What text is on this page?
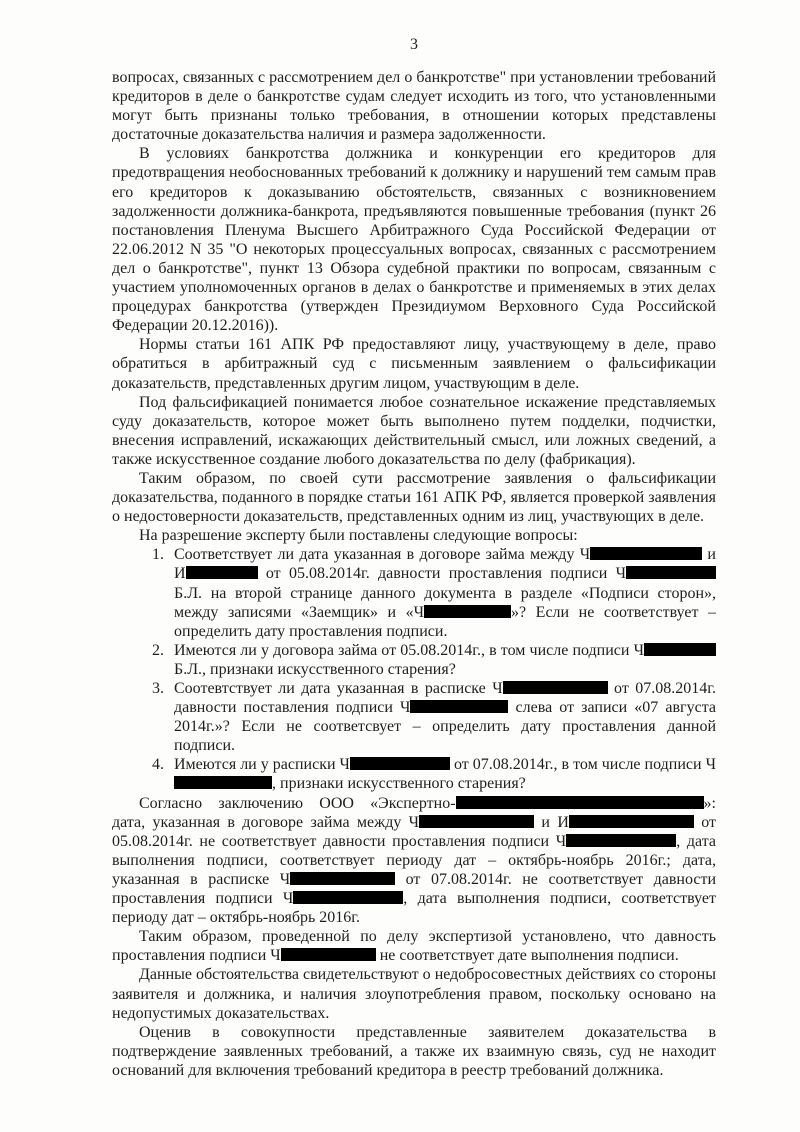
3

вопросах, связанных с рассмотрением дел о банкротстве" при установлении требований кредиторов в деле о банкротстве судам следует исходить из того, что установленными могут быть признаны только требования, в отношении которых представлены достаточные доказательства наличия и размера задолженности.

В условиях банкротства должника и конкуренции его кредиторов для предотвращения необоснованных требований к должнику и нарушений тем самым прав его кредиторов к доказыванию обстоятельств, связанных с возникновением задолженности должника-банкрота, предъявляются повышенные требования (пункт 26 постановления Пленума Высшего Арбитражного Суда Российской Федерации от 22.06.2012 N 35 "О некоторых процессуальных вопросах, связанных с рассмотрением дел о банкротстве", пункт 13 Обзора судебной практики по вопросам, связанным с участием уполномоченных органов в делах о банкротстве и применяемых в этих делах процедурах банкротства (утвержден Президиумом Верховного Суда Российской Федерации 20.12.2016)).

Нормы статьи 161 АПК РФ предоставляют лицу, участвующему в деле, право обратиться в арбитражный суд с письменным заявлением о фальсификации доказательств, представленных другим лицом, участвующим в деле.

Под фальсификацией понимается любое сознательное искажение представляемых суду доказательств, которое может быть выполнено путем подделки, подчистки, внесения исправлений, искажающих действительный смысл, или ложных сведений, а также искусственное создание любого доказательства по делу (фабрикация).

Таким образом, по своей сути рассмотрение заявления о фальсификации доказательства, поданного в порядке статьи 161 АПК РФ, является проверкой заявления о недостоверности доказательств, представленных одним из лиц, участвующих в деле.

На разрешение эксперту были поставлены следующие вопросы:

1. Соответствует ли дата указанная в договоре займа между Ч	и И	от 05.08.2014г. давности проставления подписи Ч Б.Л. на второй странице данного документа в разделе «Подписи сторон», между записями «Заемщик» и «Ч	»? Если не соответствует – определить дату проставления подписи.

2. Имеются ли у договора займа от 05.08.2014г., в том числе подписи Ч Б.Л., признаки искусственного старения?

3. Соотевтствует ли дата указанная в расписке Ч	от 07.08.2014г. давности поставления подписи Ч	слева от записи «07 августа 2014г.»? Если не соответсвует – определить дату проставления данной подписи.

4. Имеются ли у расписки Ч	от 07.08.2014г., в том числе подписи Ч, признаки искусственного старения?

Согласно заключению ООО «Экспертно-	»: дата, указанная в договоре займа между Ч	и И	от 05.08.2014г. не соответствует давности проставления подписи Ч	, дата выполнения подписи, соответствует периоду дат – октябрь-ноябрь 2016г.; дата, указанная в расписке Ч	от 07.08.2014г. не соответствует давности проставления подписи Ч	, дата выполнения подписи, соответствует периоду дат – октябрь-ноябрь 2016г.

Таким образом, проведенной по делу экспертизой установлено, что давность проставления подписи Ч	не соответствует дате выполнения подписи.

Данные обстоятельства свидетельствуют о недобросовестных действиях со стороны заявителя и должника, и наличия злоупотребления правом, поскольку основано на недопустимых доказательствах.

Оценив в совокупности представленные заявителем доказательства в подтверждение заявленных требований, а также их взаимную связь, суд не находит оснований для включения требований кредитора в реестр требований должника.
